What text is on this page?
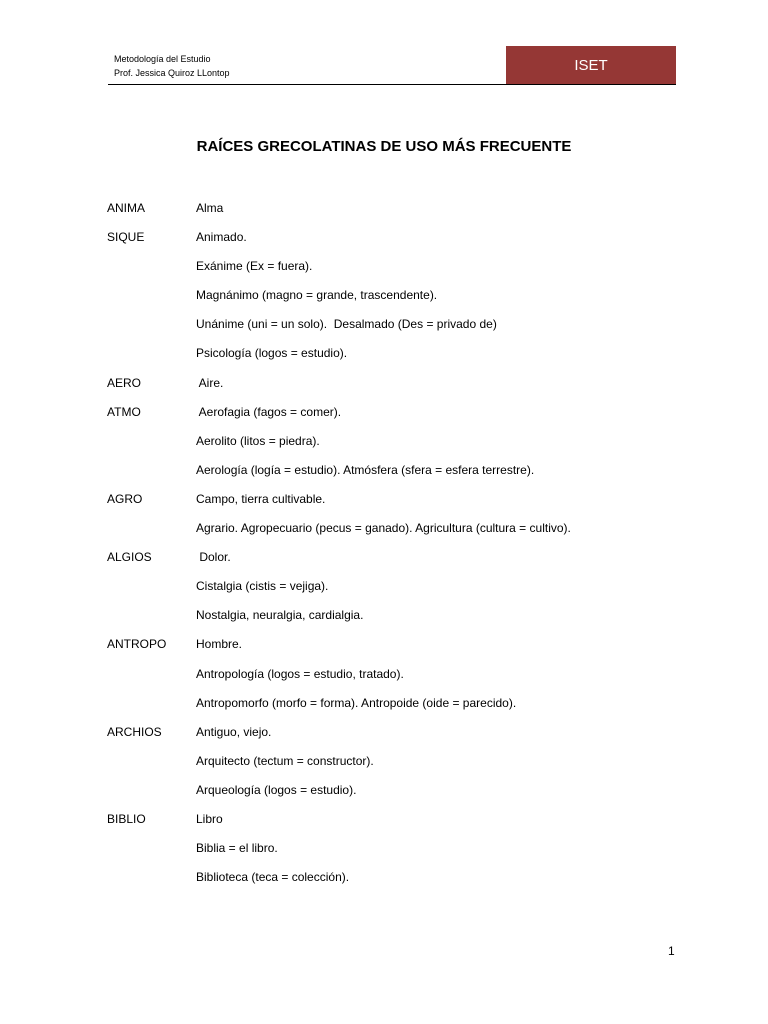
Metodología del Estudio
Prof. Jessica Quiroz LLontop	ISET
RAÍCES GRECOLATINAS DE USO MÁS FRECUENTE
ANIMA	Alma
SIQUE	Animado.
Exánime (Ex = fuera).
Magnánimo (magno = grande, trascendente).
Unánime (uni = un solo).  Desalmado (Des = privado de)
Psicología (logos = estudio).
AERO	Aire.
ATMO	Aerofagia (fagos = comer).
Aerolito (litos = piedra).
Aerología (logía = estudio). Atmósfera (sfera = esfera terrestre).
AGRO	Campo, tierra cultivable.
Agrario. Agropecuario (pecus = ganado). Agricultura (cultura = cultivo).
ALGIOS	Dolor.
Cistalgia (cistis = vejiga).
Nostalgia, neuralgia, cardialgia.
ANTROPO Hombre.
Antropología (logos = estudio, tratado).
Antropomorfo (morfo = forma). Antropoide (oide = parecido).
ARCHIOS	Antiguo, viejo.
Arquitecto (tectum = constructor).
Arqueología (logos = estudio).
BIBLIO	Libro
Biblia = el libro.
Biblioteca (teca = colección).
1
